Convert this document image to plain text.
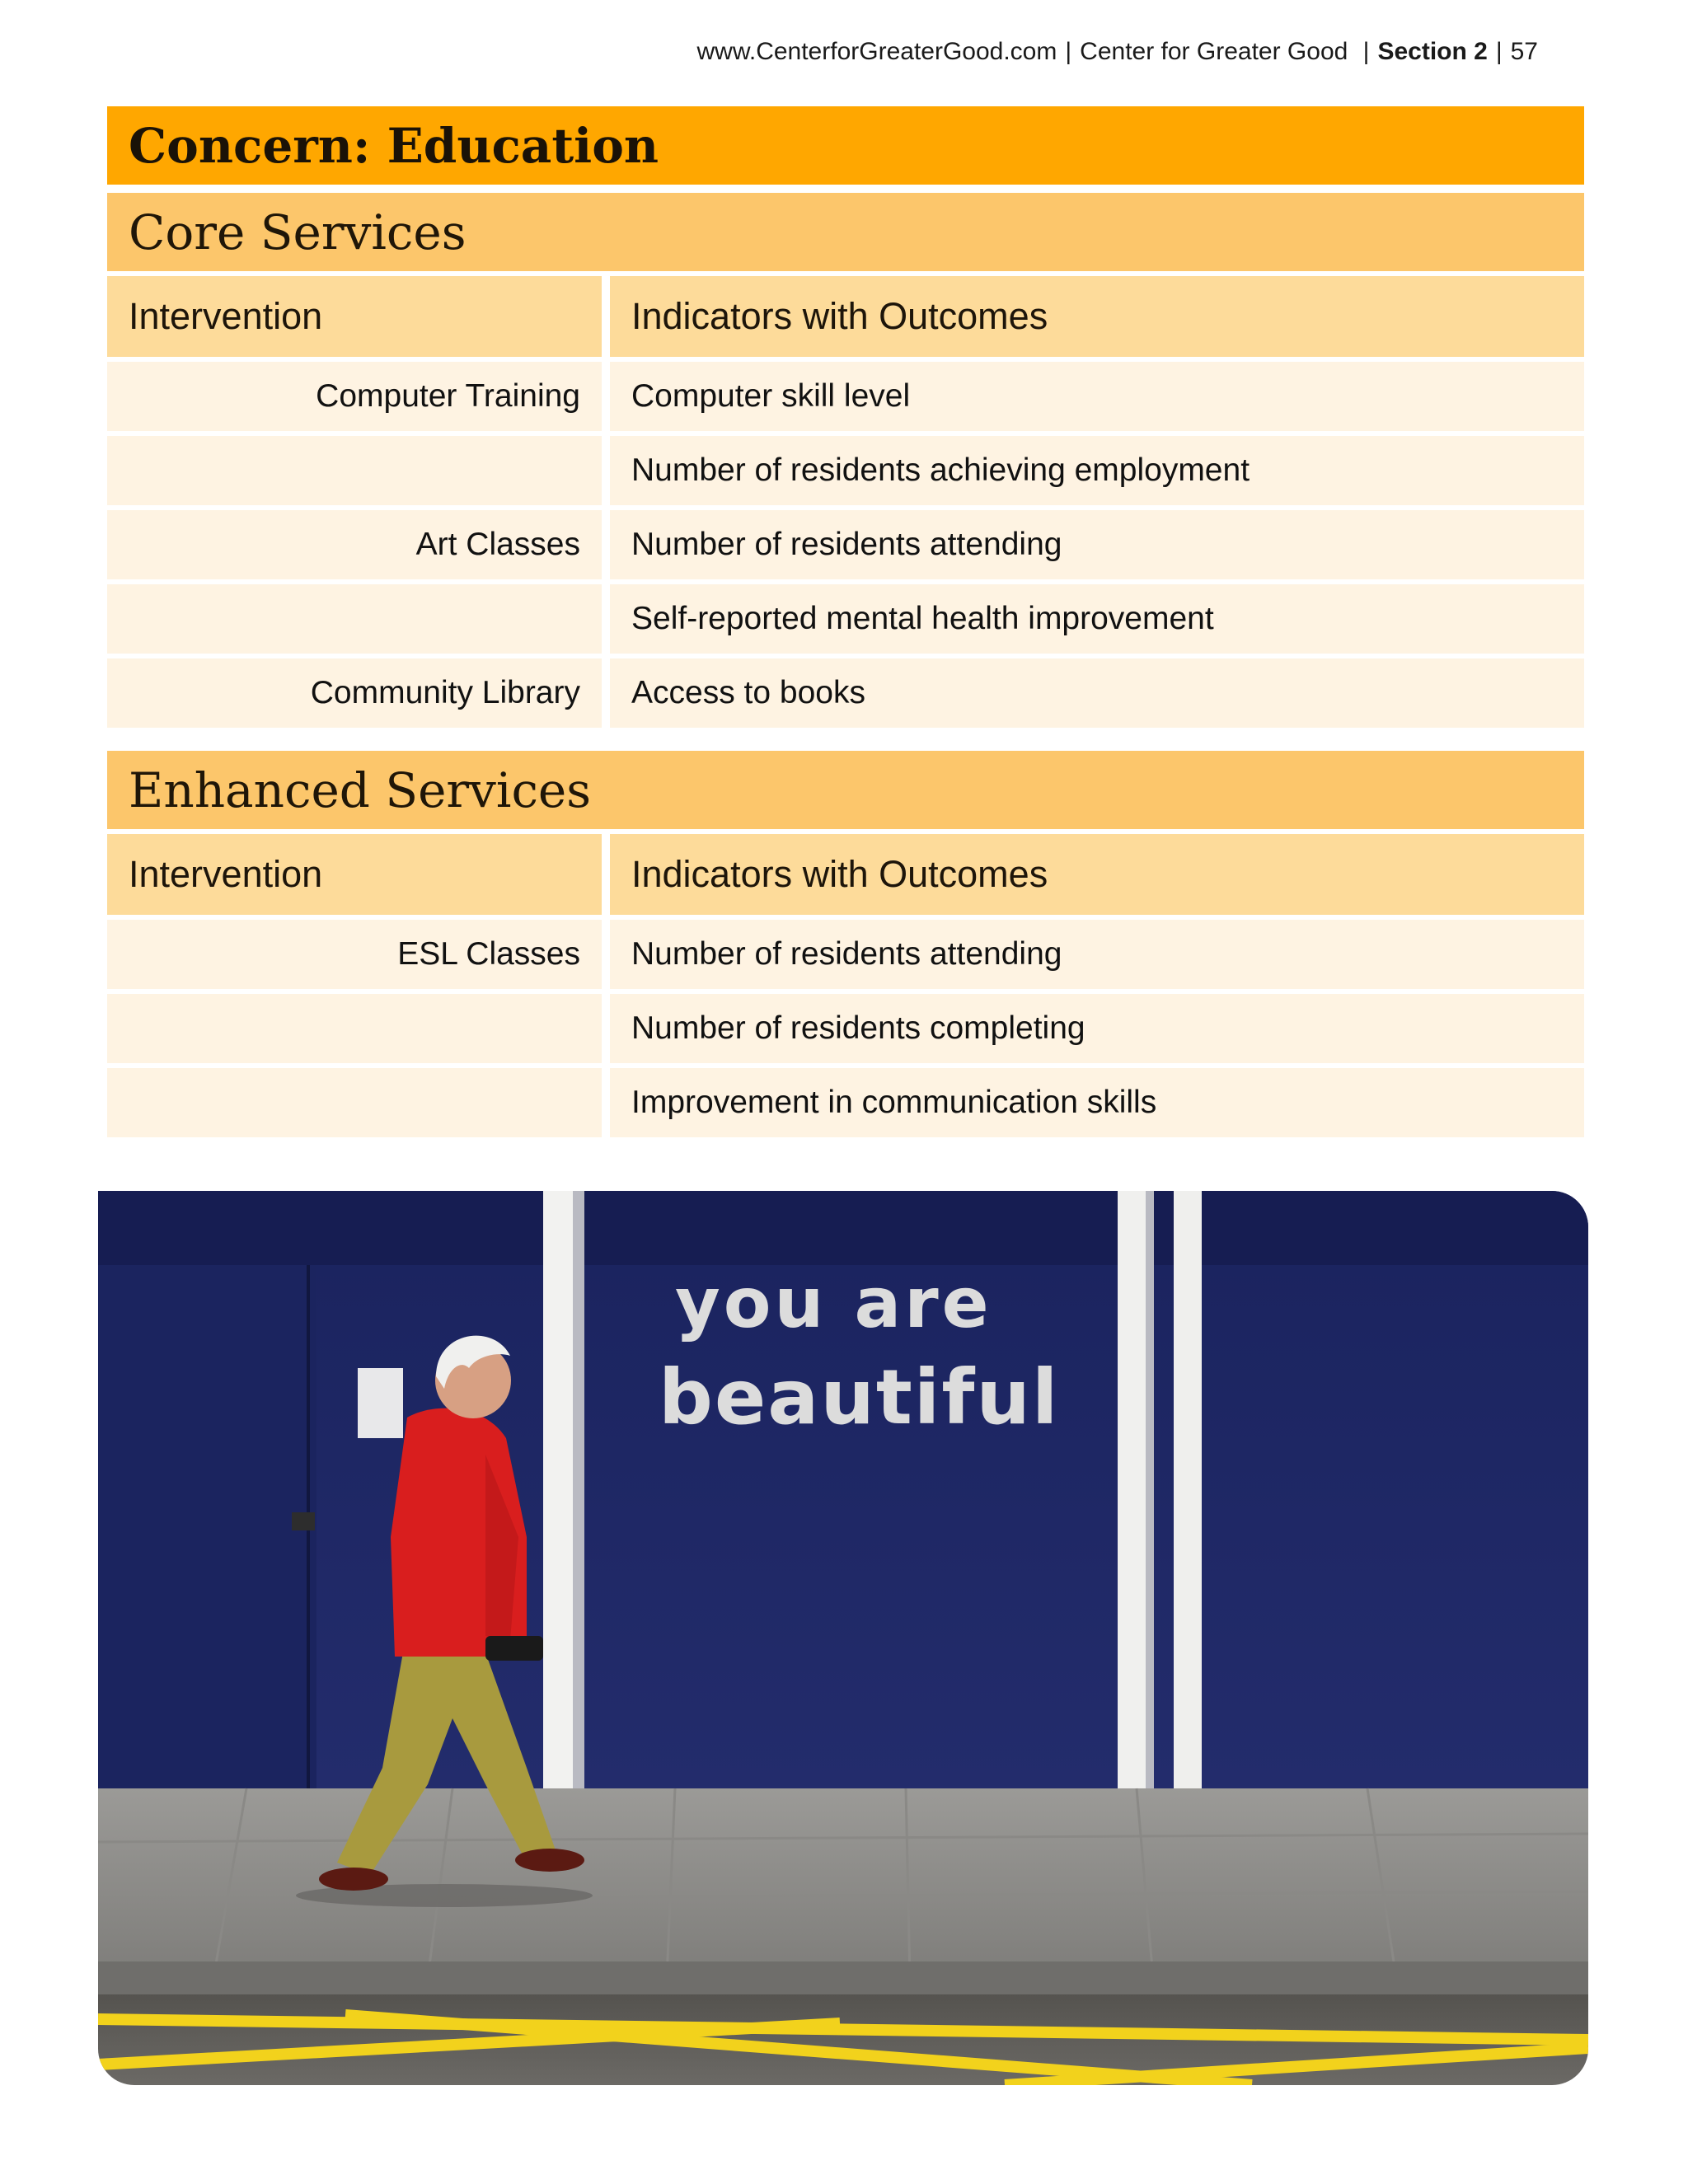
www.CenterforGreaterGood.com | Center for Greater Good | Section 2 | 57
Concern: Education
Core Services
Intervention	Indicators with Outcomes
Computer Training	Computer skill level
Number of residents achieving employment
Art Classes	Number of residents attending
Self-reported mental health improvement
Community Library	Access to books
Enhanced Services
Intervention	Indicators with Outcomes
ESL Classes	Number of residents attending
Number of residents completing
Improvement in communication skills
you are
beautiful
